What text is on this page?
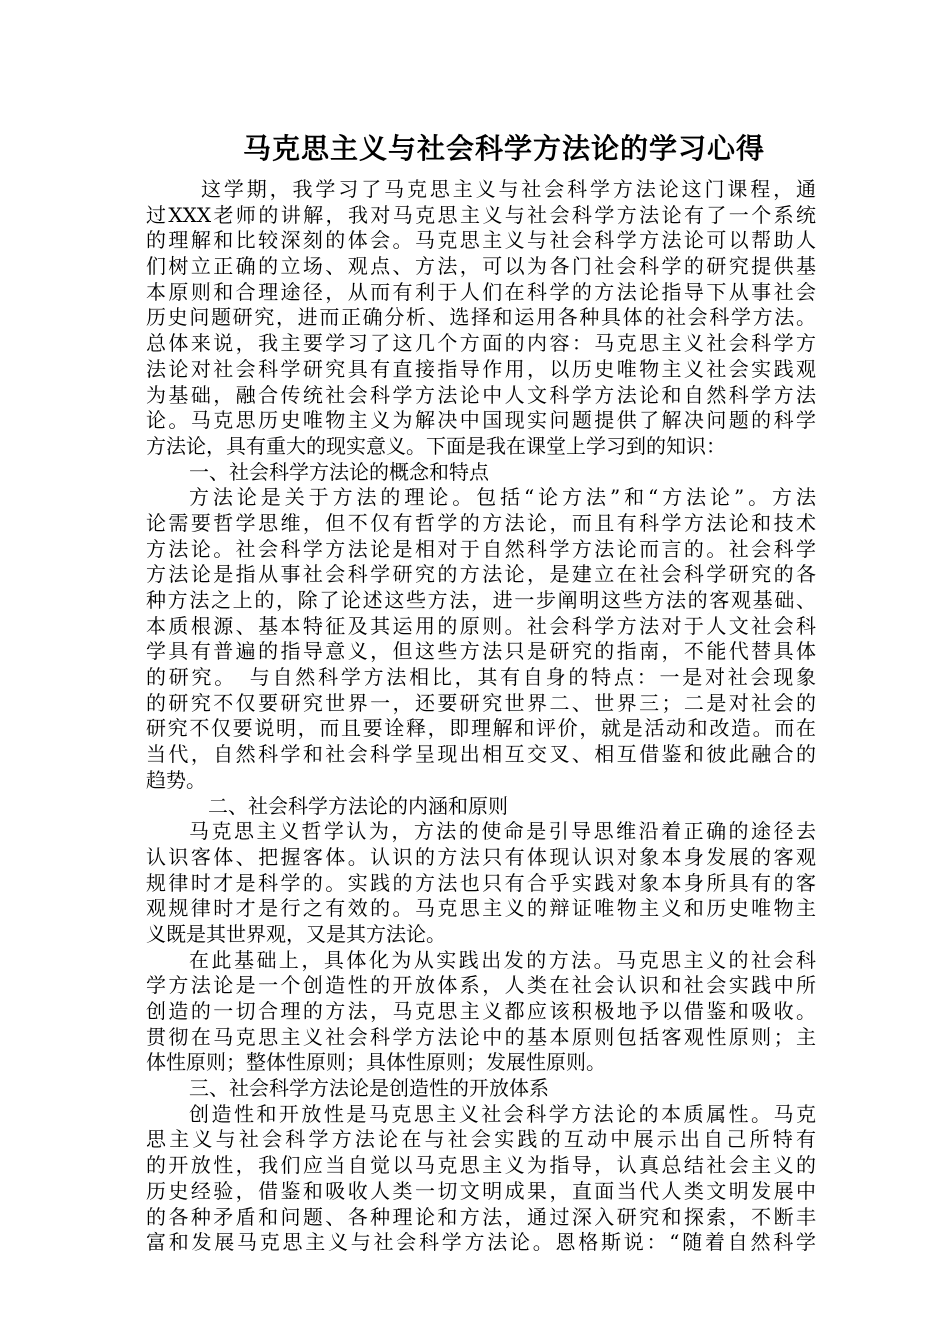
马克思主义与社会科学方法论的学习心得
这学期，我学习了马克思主义与社会科学方法论这门课程，通
过XXX老师的讲解，我对马克思主义与社会科学方法论有了一个系统
的理解和比较深刻的体会。马克思主义与社会科学方法论可以帮助人
们树立正确的立场、观点、方法，可以为各门社会科学的研究提供基
本原则和合理途径，从而有利于人们在科学的方法论指导下从事社会
历史问题研究，进而正确分析、选择和运用各种具体的社会科学方法。
总体来说，我主要学习了这几个方面的内容：马克思主义社会科学方
法论对社会科学研究具有直接指导作用，以历史唯物主义社会实践观
为基础，融合传统社会科学方法论中人文科学方法论和自然科学方法
论。马克思历史唯物主义为解决中国现实问题提供了解决问题的科学
方法论，具有重大的现实意义。下面是我在课堂上学习到的知识：
一、社会科学方法论的概念和特点
方法论是关于方法的理论。包括“论方法”和“方法论”。方法
论需要哲学思维，但不仅有哲学的方法论，而且有科学方法论和技术
方法论。社会科学方法论是相对于自然科学方法论而言的。社会科学
方法论是指从事社会科学研究的方法论，是建立在社会科学研究的各
种方法之上的，除了论述这些方法，进一步阐明这些方法的客观基础、
本质根源、基本特征及其运用的原则。社会科学方法对于人文社会科
学具有普遍的指导意义，但这些方法只是研究的指南，不能代替具体
的研究。　与自然科学方法相比，其有自身的特点：一是对社会现象
的研究不仅要研究世界一，还要研究世界二、世界三；二是对社会的
研究不仅要说明，而且要诠释，即理解和评价，就是活动和改造。而在
当代，自然科学和社会科学呈现出相互交叉、相互借鉴和彼此融合的
趋势。
二、社会科学方法论的内涵和原则
马克思主义哲学认为，方法的使命是引导思维沿着正确的途径去
认识客体、把握客体。认识的方法只有体现认识对象本身发展的客观
规律时才是科学的。实践的方法也只有合乎实践对象本身所具有的客
观规律时才是行之有效的。马克思主义的辩证唯物主义和历史唯物主
义既是其世界观，又是其方法论。
在此基础上，具体化为从实践出发的方法。马克思主义的社会科
学方法论是一个创造性的开放体系，人类在社会认识和社会实践中所
创造的一切合理的方法，马克思主义都应该积极地予以借鉴和吸收。
贯彻在马克思主义社会科学方法论中的基本原则包括客观性原则；主
体性原则；整体性原则；具体性原则；发展性原则。
三、社会科学方法论是创造性的开放体系
创造性和开放性是马克思主义社会科学方法论的本质属性。马克
思主义与社会科学方法论在与社会实践的互动中展示出自己所特有
的开放性，我们应当自觉以马克思主义为指导，认真总结社会主义的
历史经验，借鉴和吸收人类一切文明成果，直面当代人类文明发展中
的各种矛盾和问题、各种理论和方法，通过深入研究和探索，不断丰
富和发展马克思主义与社会科学方法论。恩格斯说：“随着自然科学
